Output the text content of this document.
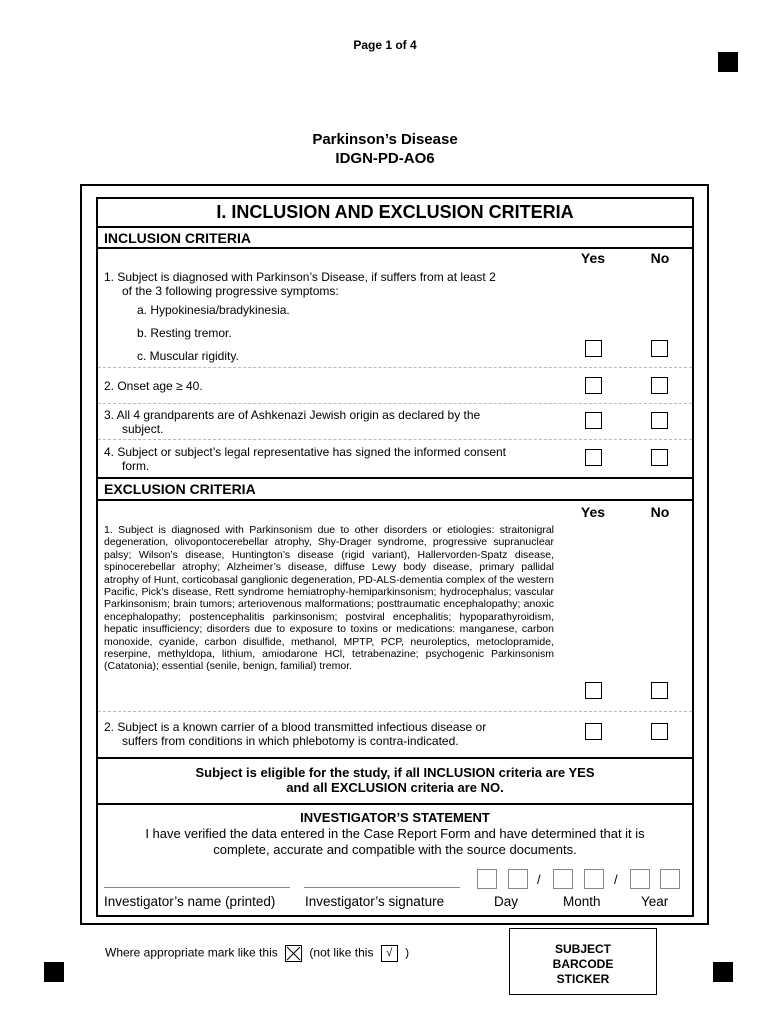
Page 1 of 4
Parkinson’s Disease
IDGN-PD-AO6
I. INCLUSION AND EXCLUSION CRITERIA
INCLUSION CRITERIA
Yes	No
1. Subject is diagnosed with Parkinson’s Disease, if suffers from at least 2
of the 3 following progressive symptoms:
a. Hypokinesia/bradykinesia.
b. Resting tremor.
c. Muscular rigidity.
2. Onset age ≥ 40.
3. All 4 grandparents are of Ashkenazi Jewish origin as declared by the
subject.
4. Subject or subject’s legal representative has signed the informed consent
form.
EXCLUSION CRITERIA
Yes	No
1. Subject is diagnosed with Parkinsonism due to other disorders or etiologies: straitonigral degeneration, olivopontocerebellar atrophy, Shy-Drager syndrome, progressive supranuclear palsy; Wilson’s disease, Huntington’s disease (rigid variant), Hallervorden-Spatz disease, spinocerebellar atrophy; Alzheimer’s disease, diffuse Lewy body disease, primary pallidal atrophy of Hunt, corticobasal ganglionic degeneration, PD-ALS-dementia complex of the western Pacific, Pick’s disease, Rett syndrome hemiatrophy-hemiparkinsonism; hydrocephalus; vascular Parkinsonism; brain tumors; arteriovenous malformations; posttraumatic encephalopathy; anoxic encephalopathy; postencephalitis parkinsonism; postviral encephalitis; hypoparathyroidism, hepatic insufficiency; disorders due to exposure to toxins or medications: manganese, carbon monoxide, cyanide, carbon disulfide, methanol, MPTP, PCP, neuroleptics, metoclopramide, reserpine, methyldopa, lithium, amiodarone HCl, tetrabenazine; psychogenic Parkinsonism (Catatonia); essential (senile, benign, familial) tremor.
2. Subject is a known carrier of a blood transmitted infectious disease or
suffers from conditions in which phlebotomy is contra-indicated.
Subject is eligible for the study, if all INCLUSION criteria are YES
and all EXCLUSION criteria are NO.
INVESTIGATOR’S STATEMENT
I have verified the data entered in the Case Report Form and have determined that it is
complete, accurate and compatible with the source documents.
/	/
Investigator’s name (printed) Investigator’s signature	Day	Month	Year
Where appropriate mark like this	(not like this √ )	SUBJECT
BARCODE
STICKER
